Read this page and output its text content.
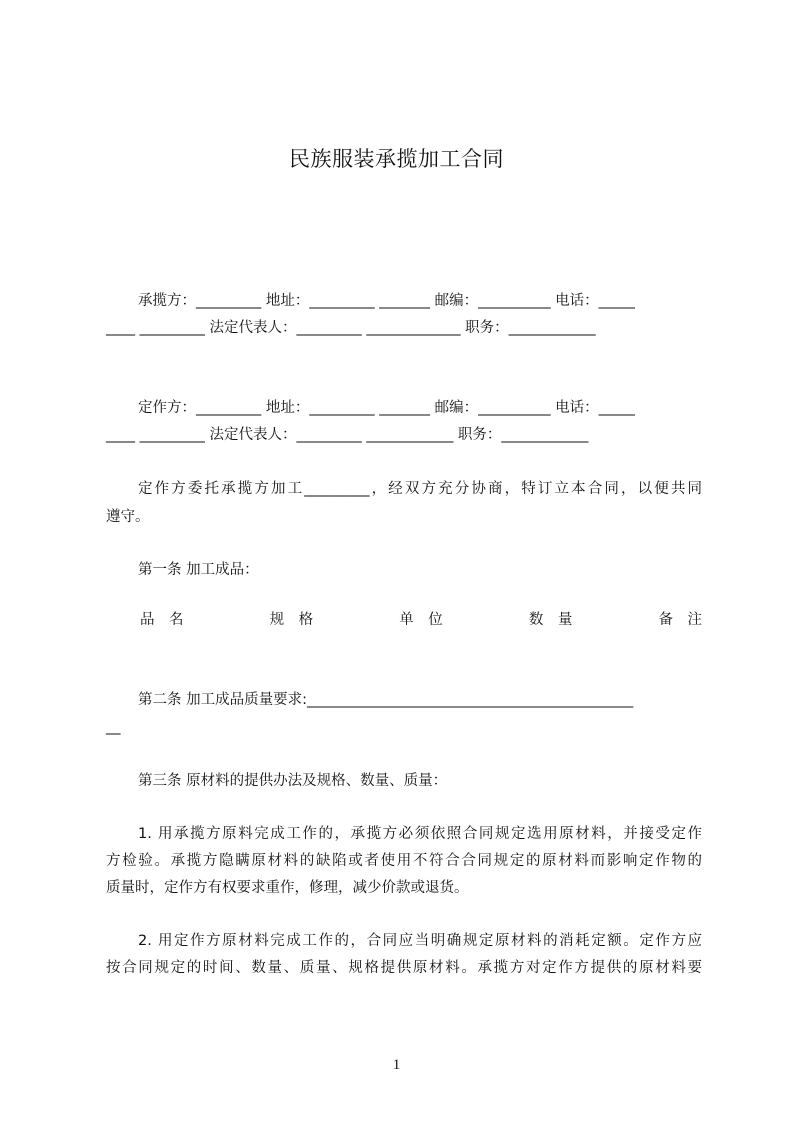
民族服装承揽加工合同
承揽方：_________ 地址：_________ _______ 邮编：__________ 电话：_____
____ _________ 法定代表人：_________ _____________ 职务：____________
定作方：_________ 地址：_________ _______ 邮编：__________ 电话：_____
____ _________ 法定代表人：_________ ____________ 职务：____________
定作方委托承揽方加工_________，经双方充分协商，特订立本合同，以便共同
遵守。
第一条 加工成品：
品　名	规　格	单　位	数　量	备　注
第二条 加工成品质量要求:_____________________________________________
__
第三条 原材料的提供办法及规格、数量、质量：
1. 用承揽方原料完成工作的，承揽方必须依照合同规定选用原材料，并接受定作
方检验。承揽方隐瞒原材料的缺陷或者使用不符合合同规定的原材料而影响定作物的
质量时，定作方有权要求重作，修理，减少价款或退货。
2. 用定作方原材料完成工作的，合同应当明确规定原材料的消耗定额。定作方应
按合同规定的时间、数量、质量、规格提供原材料。承揽方对定作方提供的原材料要
1
